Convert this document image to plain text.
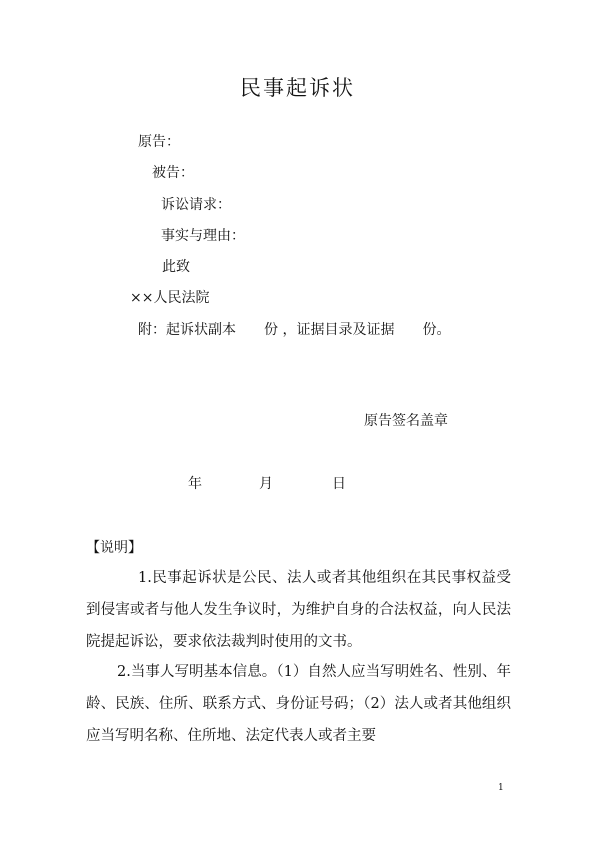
民事起诉状
原告：
被告：
诉讼请求：
事实与理由：
此致
××人民法院
附：起诉状副本　　份 ，证据目录及证据　　份。
原告签名盖章
年	月	日
【说明】
1.民事起诉状是公民、法人或者其他组织在其民事权益受到侵害或者与他人发生争议时，为维护自身的合法权益，向人民法院提起诉讼，要求依法裁判时使用的文书。
2.当事人写明基本信息。（1）自然人应当写明姓名、性别、年龄、民族、住所、联系方式、身份证号码；（2）法人或者其他组织应当写明名称、住所地、法定代表人或者主要
1
